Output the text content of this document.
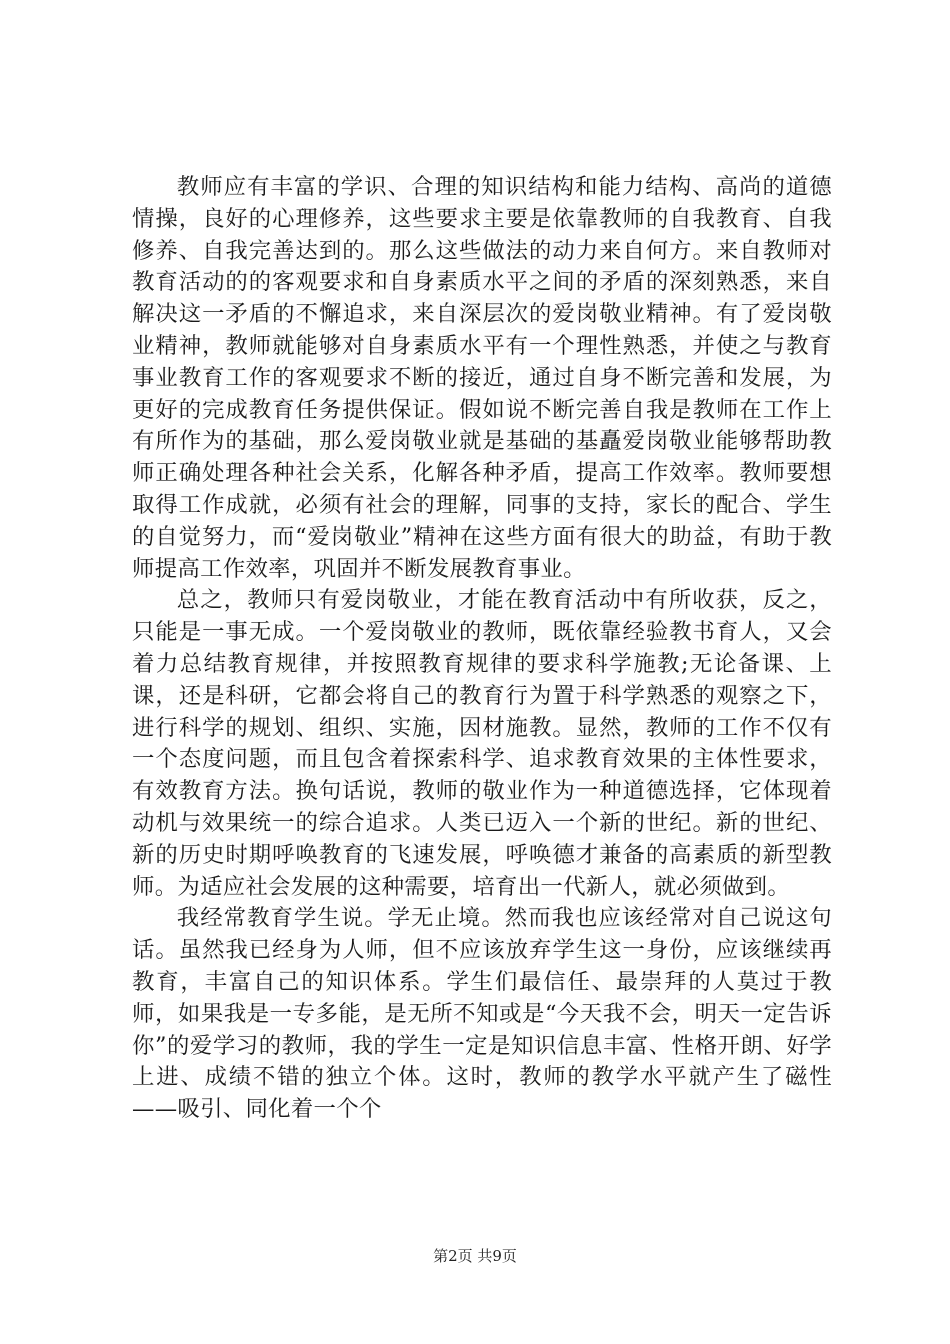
教师应有丰富的学识、合理的知识结构和能力结构、高尚的道德情操，良好的心理修养，这些要求主要是依靠教师的自我教育、自我修养、自我完善达到的。那么这些做法的动力来自何方。来自教师对教育活动的的客观要求和自身素质水平之间的矛盾的深刻熟悉，来自解决这一矛盾的不懈追求，来自深层次的爱岗敬业精神。有了爱岗敬业精神，教师就能够对自身素质水平有一个理性熟悉，并使之与教育事业教育工作的客观要求不断的接近，通过自身不断完善和发展，为更好的完成教育任务提供保证。假如说不断完善自我是教师在工作上有所作为的基础，那么爱岗敬业就是基础的基矗爱岗敬业能够帮助教师正确处理各种社会关系，化解各种矛盾，提高工作效率。教师要想取得工作成就，必须有社会的理解，同事的支持，家长的配合、学生的自觉努力，而“爱岗敬业”精神在这些方面有很大的助益，有助于教师提高工作效率，巩固并不断发展教育事业。

总之，教师只有爱岗敬业，才能在教育活动中有所收获，反之，只能是一事无成。一个爱岗敬业的教师，既依靠经验教书育人，又会着力总结教育规律，并按照教育规律的要求科学施教;无论备课、上课，还是科研，它都会将自己的教育行为置于科学熟悉的观察之下，进行科学的规划、组织、实施，因材施教。显然，教师的工作不仅有一个态度问题，而且包含着探索科学、追求教育效果的主体性要求，有效教育方法。换句话说，教师的敬业作为一种道德选择，它体现着动机与效果统一的综合追求。人类已迈入一个新的世纪。新的世纪、新的历史时期呼唤教育的飞速发展，呼唤德才兼备的高素质的新型教师。为适应社会发展的这种需要，培育出一代新人，就必须做到。

我经常教育学生说。学无止境。然而我也应该经常对自己说这句话。虽然我已经身为人师，但不应该放弃学生这一身份，应该继续再教育，丰富自己的知识体系。学生们最信任、最崇拜的人莫过于教师，如果我是一专多能，是无所不知或是“今天我不会，明天一定告诉你”的爱学习的教师，我的学生一定是知识信息丰富、性格开朗、好学上进、成绩不错的独立个体。这时，教师的教学水平就产生了磁性——吸引、同化着一个个

第2页 共9页
